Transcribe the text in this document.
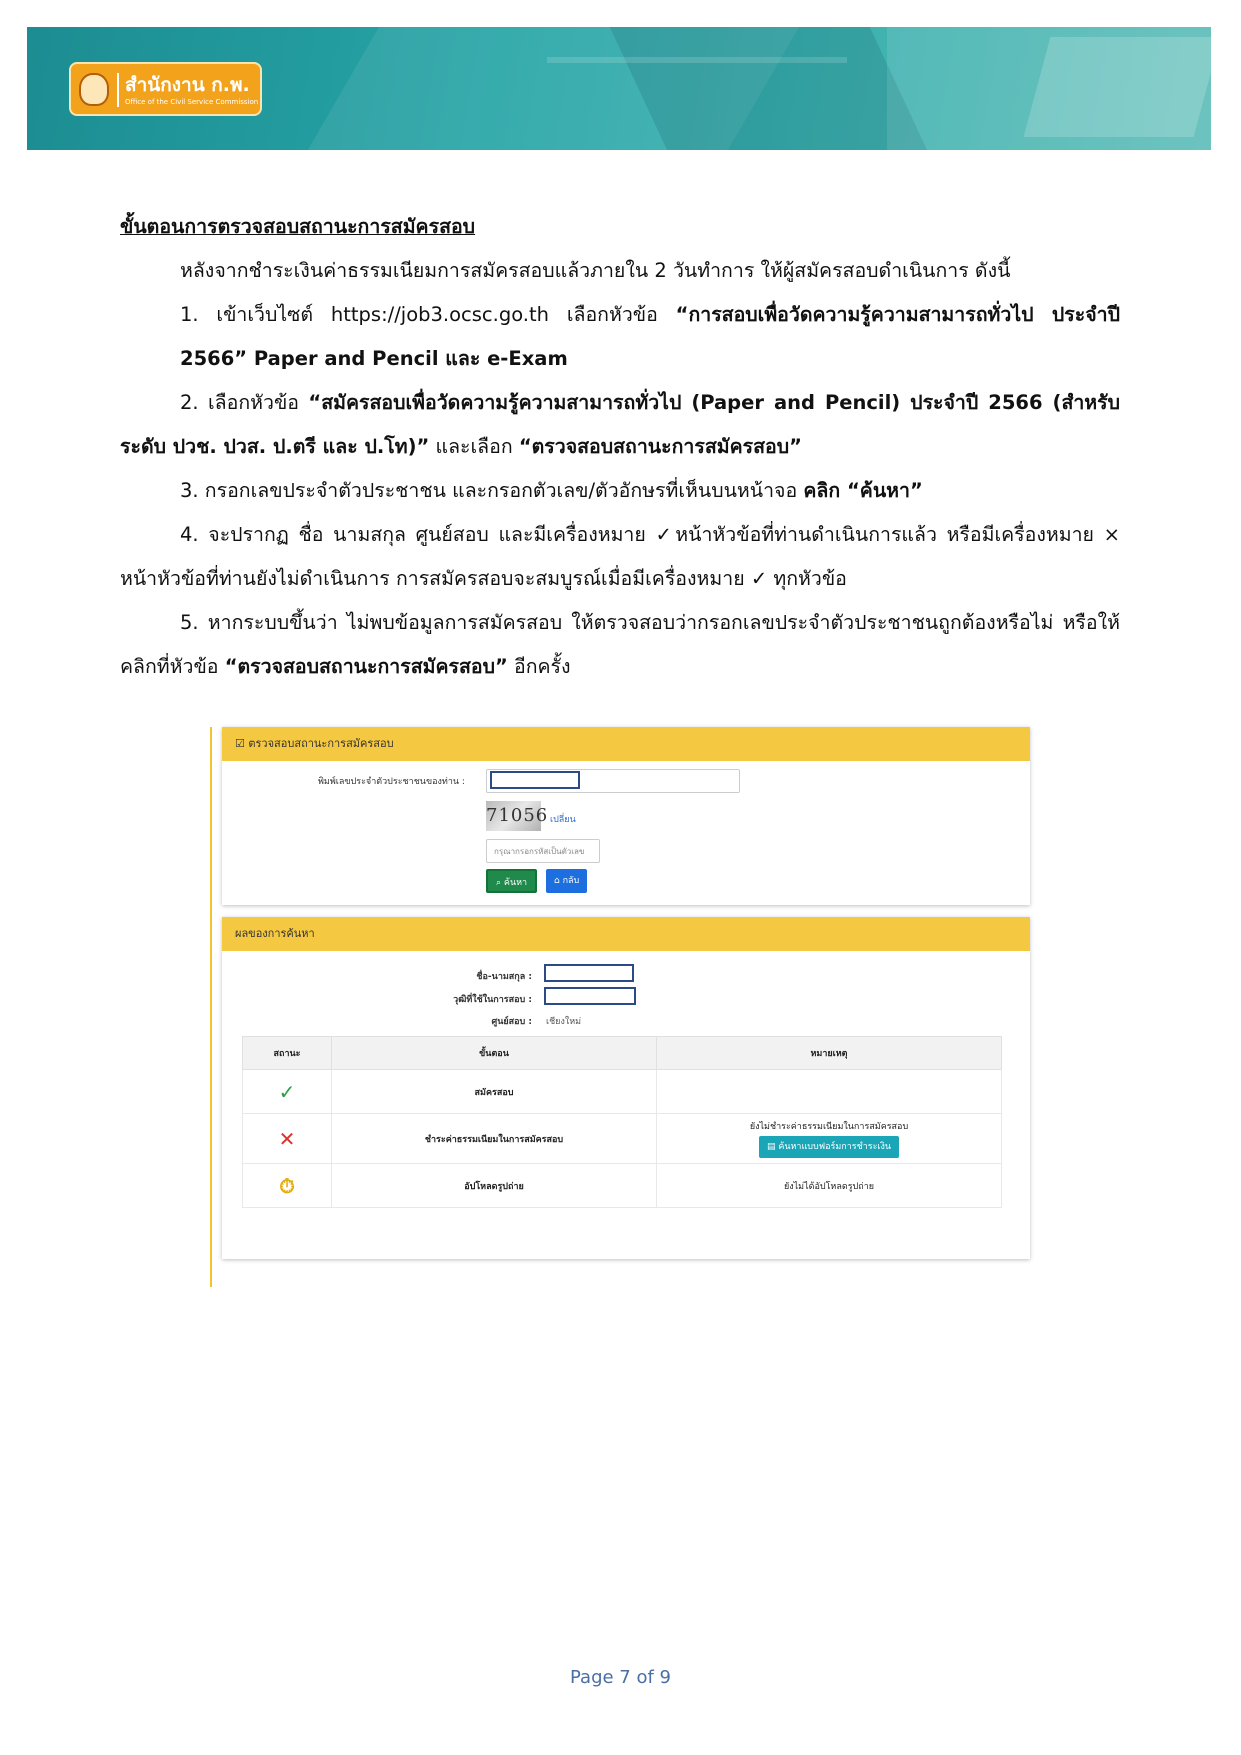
สำนักงาน ก.พ.
Office of the Civil Service Commission

ขั้นตอนการตรวจสอบสถานะการสมัครสอบ

หลังจากชำระเงินค่าธรรมเนียมการสมัครสอบแล้วภายใน 2 วันทำการ ให้ผู้สมัครสอบดำเนินการ ดังนี้

1. เข้าเว็บไซต์ https://job3.ocsc.go.th เลือกหัวข้อ “การสอบเพื่อวัดความรู้ความสามารถทั่วไป ประจำปี 2566” Paper and Pencil และ e-Exam

2. เลือกหัวข้อ “สมัครสอบเพื่อวัดความรู้ความสามารถทั่วไป (Paper and Pencil) ประจำปี 2566 (สำหรับระดับ ปวช. ปวส. ป.ตรี และ ป.โท)” และเลือก “ตรวจสอบสถานะการสมัครสอบ”

3. กรอกเลขประจำตัวประชาชน และกรอกตัวเลข/ตัวอักษรที่เห็นบนหน้าจอ คลิก “ค้นหา”

4. จะปรากฏ ชื่อ นามสกุล ศูนย์สอบ และมีเครื่องหมาย ✓หน้าหัวข้อที่ท่านดำเนินการแล้ว หรือมีเครื่องหมาย × หน้าหัวข้อที่ท่านยังไม่ดำเนินการ การสมัครสอบจะสมบูรณ์เมื่อมีเครื่องหมาย ✓ ทุกหัวข้อ

5. หากระบบขึ้นว่า ไม่พบข้อมูลการสมัครสอบ ให้ตรวจสอบว่ากรอกเลขประจำตัวประชาชนถูกต้องหรือไม่ หรือให้คลิกที่หัวข้อ “ตรวจสอบสถานะการสมัครสอบ” อีกครั้ง

☑ ตรวจสอบสถานะการสมัครสอบ
พิมพ์เลขประจำตัวประชาชนของท่าน :
71056 เปลี่ยน
กรุณากรอกรหัสเป็นตัวเลข
⌕ ค้นหา	⌂ กลับ
ผลของการค้นหา
ชื่อ-นามสกุล :
วุฒิที่ใช้ในการสอบ :
ศูนย์สอบ : เชียงใหม่
สถานะ	ขั้นตอน	หมายเหตุ
✓	สมัครสอบ	
✕	ชำระค่าธรรมเนียมในการสมัครสอบ	ยังไม่ชำระค่าธรรมเนียมในการสมัครสอบ
▤ ค้นหาแบบฟอร์มการชำระเงิน
⏱	อัปโหลดรูปถ่าย	ยังไม่ได้อัปโหลดรูปถ่าย
Page 7 of 9
